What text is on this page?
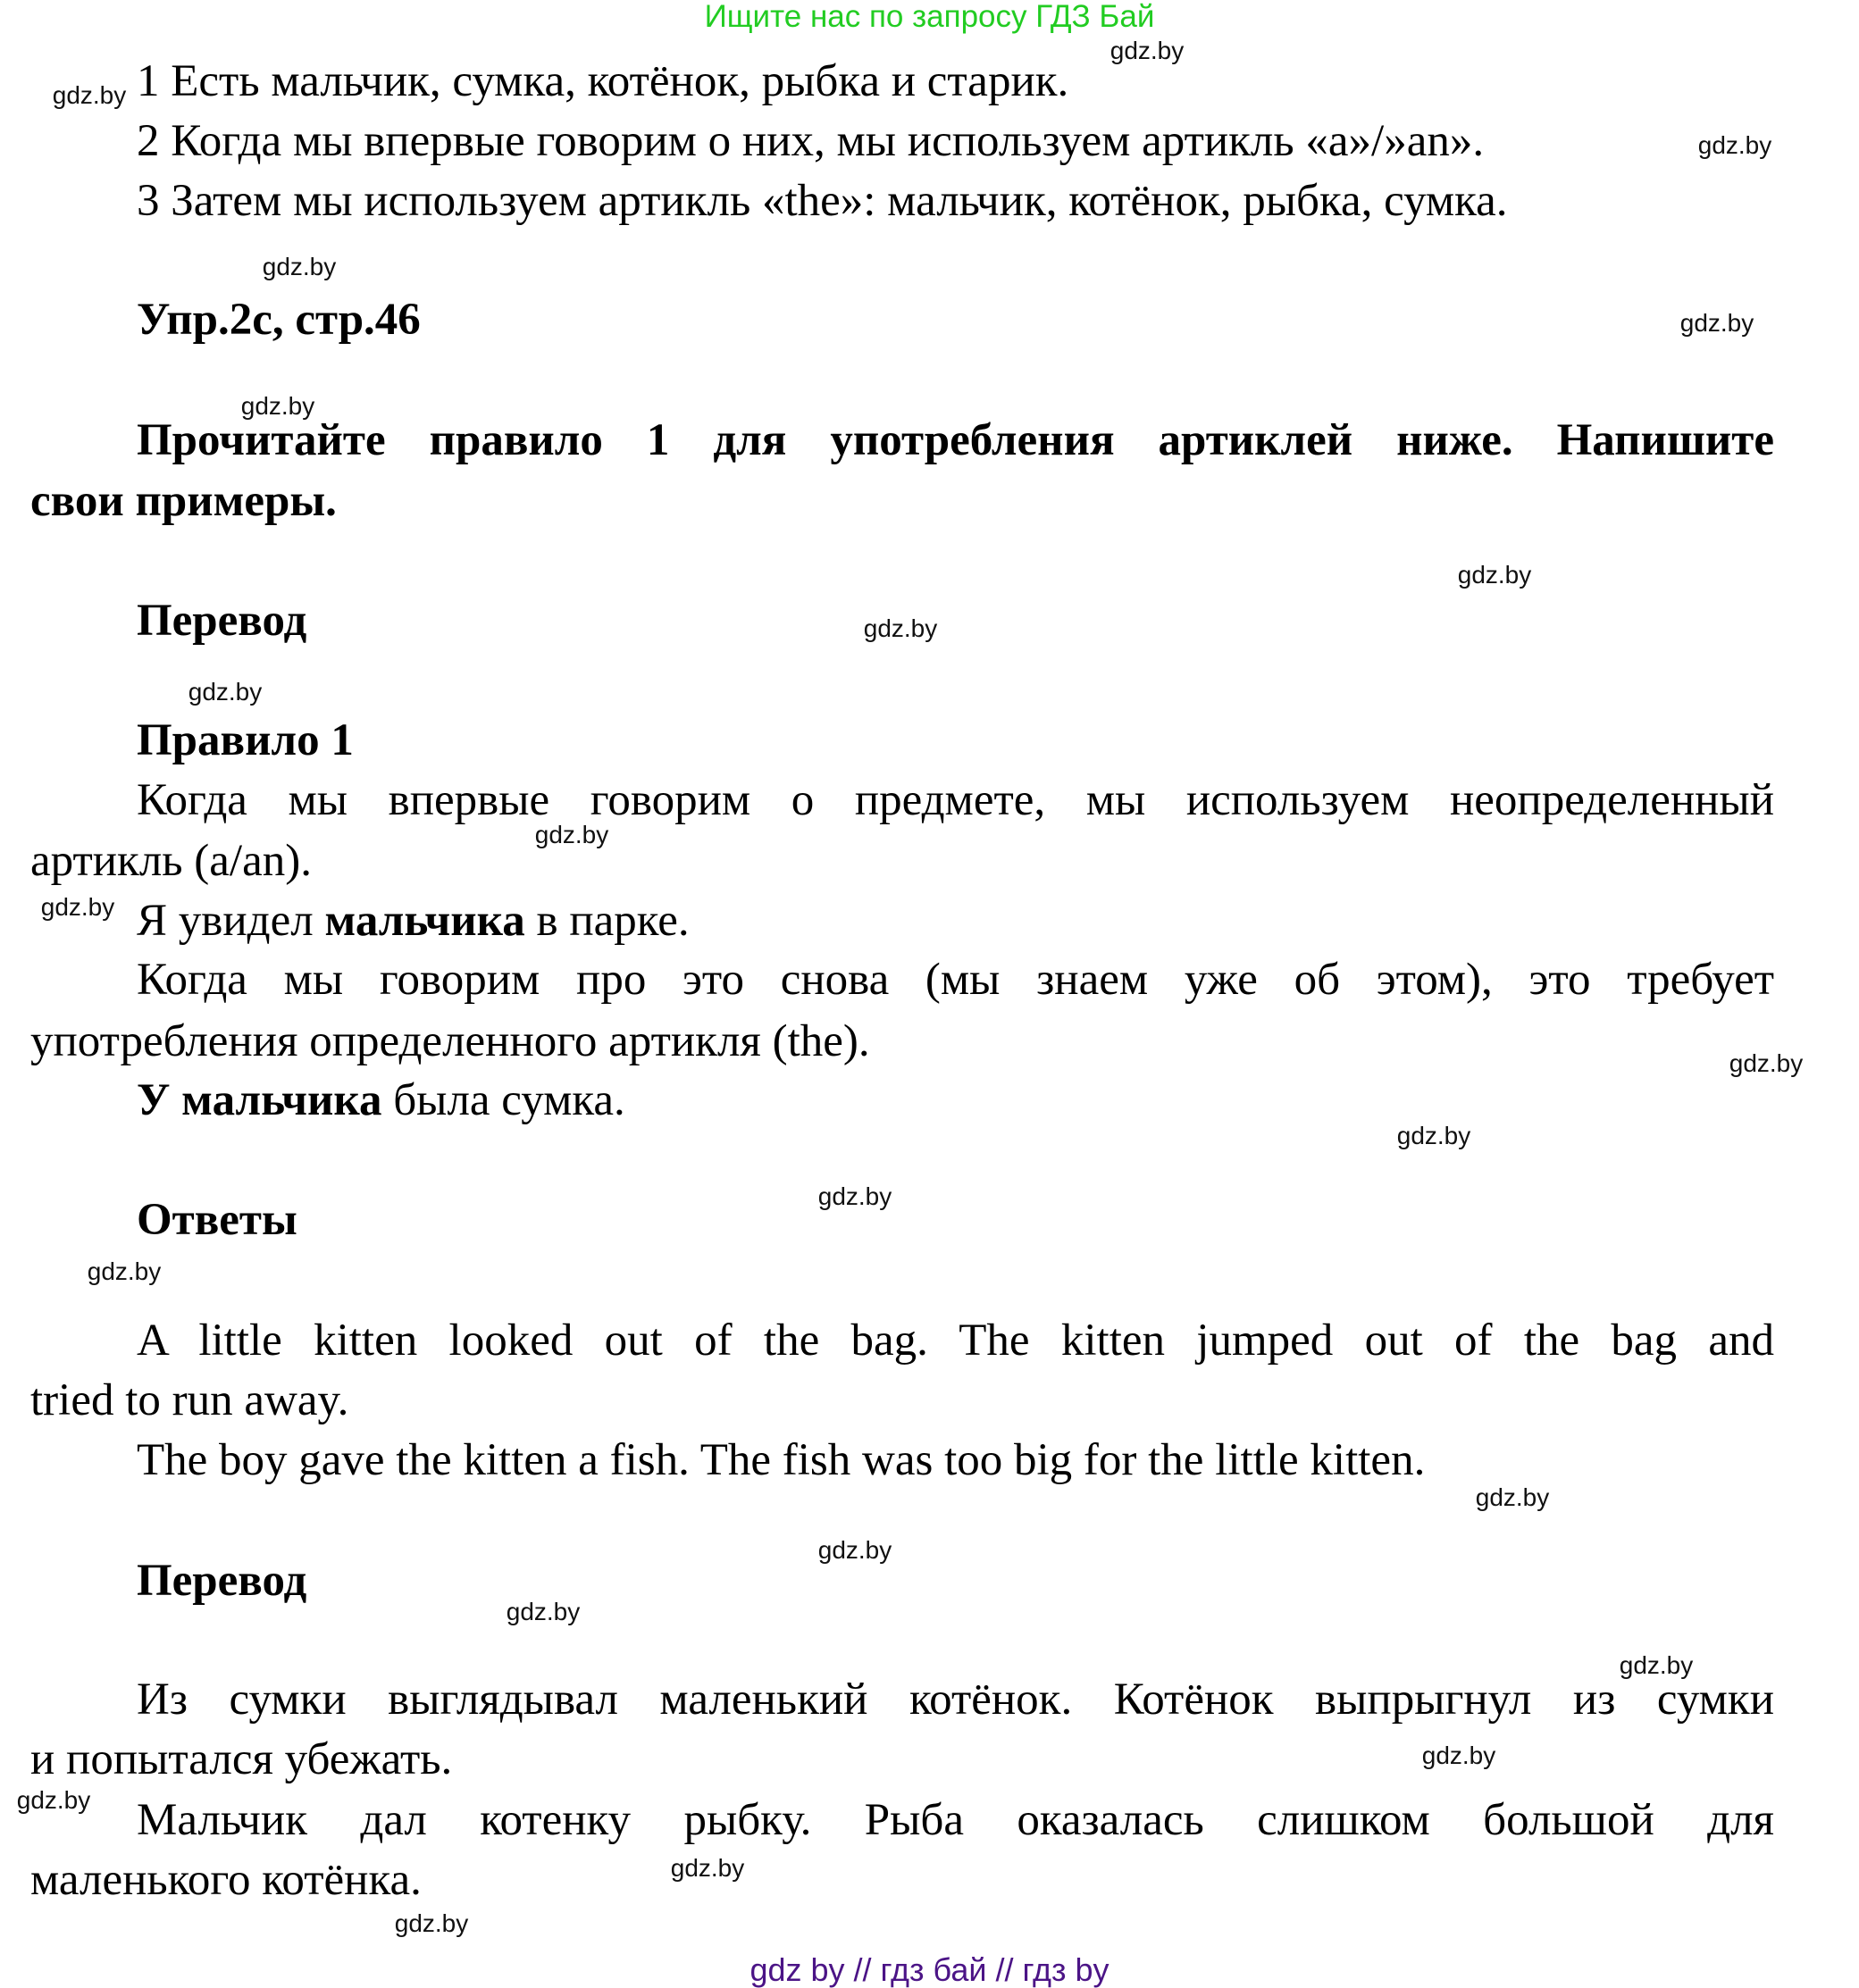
Ищите нас по запросу ГДЗ Бай
1 Есть мальчик, сумка, котёнок, рыбка и старик.
2 Когда мы впервые говорим о них, мы используем артикль «a»/»an».
3 Затем мы используем артикль «the»: мальчик, котёнок, рыбка, сумка.
Упр.2c, стр.46
Прочитайте правило 1 для употребления артиклей ниже. Напишите
свои примеры.
Перевод
Правило 1
Когда мы впервые говорим о предмете, мы используем неопределенный
артикль (a/an).
Я увидел мальчика в парке.
Когда мы говорим про это снова (мы знаем уже об этом), это требует
употребления определенного артикля (the).
У мальчика была сумка.
Ответы
A little kitten looked out of the bag. The kitten jumped out of the bag and
tried to run away.
The boy gave the kitten a fish. The fish was too big for the little kitten.
Перевод
Из сумки выглядывал маленький котёнок. Котёнок выпрыгнул из сумки
и попытался убежать.
Мальчик дал котенку рыбку. Рыба оказалась слишком большой для
маленького котёнка.
gdz.by
gdz.by
gdz.by
gdz.by
gdz.by
gdz.by
gdz.by
gdz.by
gdz.by
gdz.by
gdz.by
gdz.by
gdz.by
gdz.by
gdz.by
gdz.by
gdz.by
gdz.by
gdz.by
gdz.by
gdz.by
gdz.by
gdz.by
gdz by // гдз бай // гдз by
